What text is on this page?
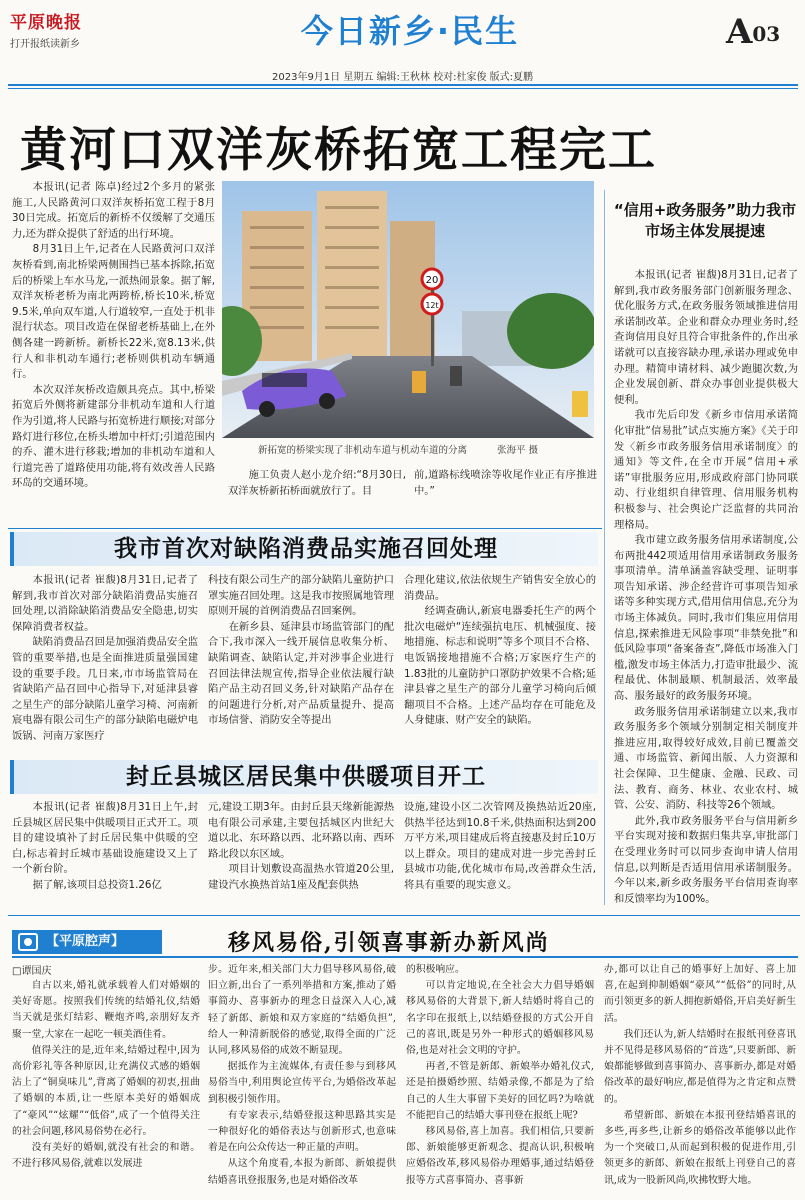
平原晚报
打开报纸读新乡	今日新乡·民生	A03
2023年9月1日 星期五 编辑:王秋林 校对:杜家俊 版式:夏鹏
黄河口双洋灰桥拓宽工程完工

本报讯(记者 陈卓)经过2个多月的紧张施工,人民路黄河口双洋灰桥拓宽工程于8月30日完成。拓宽后的新桥不仅缓解了交通压力,还为群众提供了舒适的出行环境。

8月31日上午,记者在人民路黄河口双洋灰桥看到,南北桥梁两侧围挡已基本拆除,拓宽后的桥梁上车水马龙,一派热闹景象。据了解,双洋灰桥老桥为南北两跨桥,桥长10米,桥宽9.5米,单向双车道,人行道较窄,一直处于机非混行状态。项目改造在保留老桥基础上,在外侧各建一跨新桥。新桥长22米,宽8.13米,供行人和非机动车通行;老桥则供机动车辆通行。

本次双洋灰桥改造颇具亮点。其中,桥梁拓宽后外侧将新建部分非机动车道和人行道作为引道,将人民路与拓宽桥进行顺接;对部分路灯进行移位,在桥头增加中杆灯;引道范围内的乔、灌木进行移栽;增加的非机动车道和人行道完善了道路使用功能,将有效改善人民路环岛的交通环境。

20
12t
新拓宽的桥梁实现了非机动车道与机动车道的分离	张海平 摄

施工负责人赵小龙介绍:“8月30日,双洋灰桥新拓桥面就放行了。目

前,道路标线喷涂等收尾作业正有序推进中。”

“信用+政务服务”助力我市市场主体发展提速

本报讯(记者 崔馥)8月31日,记者了解到,我市政务服务部门创新服务理念、优化服务方式,在政务服务领域推进信用承诺制改革。企业和群众办理业务时,经查询信用良好且符合审批条件的,作出承诺就可以直接容缺办理,承诺办理或免申办理。精简申请材料、减少跑腿次数,为企业发展创新、群众办事创业提供极大便利。

我市先后印发《新乡市信用承诺简化审批“信易批”试点实施方案》《关于印发〈新乡市政务服务信用承诺制度〉的通知》等文件,在全市开展“信用+承诺”审批服务应用,形成政府部门协同联动、行业组织自律管理、信用服务机构积极参与、社会舆论广泛监督的共同治理格局。

我市建立政务服务信用承诺制度,公布两批442项适用信用承诺制政务服务事项清单。清单涵盖容缺受理、证明事项告知承诺、涉企经营许可事项告知承诺等多种实现方式,借用信用信息,充分为市场主体减负。同时,我市们集应用信用信息,探索推进无风险事项“非禁免批”和低风险事项“备案备查”,降低市场准入门槛,激发市场主体活力,打造审批最少、流程最优、体制最顺、机制最活、效率最高、服务最好的政务服务环境。

政务服务信用承诺制建立以来,我市政务服务多个领域分别制定相关制度并推进应用,取得较好成效,目前已覆盖交通、市场监管、新闻出版、人力资源和社会保障、卫生健康、金融、民政、司法、教育、商务、林业、农业农村、城管、公安、消防、科技等26个领域。

此外,我市政务服务平台与信用新乡平台实现对接和数据归集共享,审批部门在受理业务时可以同步查询申请人信用信息,以判断是否适用信用承诺制服务。今年以来,新乡政务服务平台信用查询率和反馈率均为100%。

我市首次对缺陷消费品实施召回处理

本报讯(记者 崔馥)8月31日,记者了解到,我市首次对部分缺陷消费品实施召回处理,以消除缺陷消费品安全隐患,切实保障消费者权益。

缺陷消费品召回是加强消费品安全监管的重要举措,也是全面推进质量强国建设的重要手段。几日来,市市场监管局在省缺陷产品召回中心指导下,对延津县睿之星生产的部分缺陷儿童学习椅、河南新宸电器有限公司生产的部分缺陷电磁炉电饭锅、河南万家医疗

科技有限公司生产的部分缺陷儿童防护口罩实施召回处理。这是我市按照属地管理原则开展的首例消费品召回案例。

在新乡县、延津县市场监管部门的配合下,我市深入一线开展信息收集分析、缺陷调查、缺陷认定,并对涉事企业进行召回法律法规宣传,指导企业依法履行缺陷产品主动召回义务,针对缺陷产品存在的问题进行分析,对产品质量提升、提高市场信誉、消防安全等提出

合理化建议,依法依规生产销售安全放心的消费品。

经调查确认,新宸电器委托生产的两个批次电磁炉“连续强抗电压、机械强度、接地措施、标志和说明”等多个项目不合格、电饭锅接地措施不合格;万家医疗生产的1.83批的儿童防护口罩防护效果不合格;延津县睿之星生产的部分儿童学习椅向后倾翻项目不合格。上述产品均存在可能危及人身健康、财产安全的缺陷。

封丘县城区居民集中供暖项目开工

本报讯(记者 崔馥)8月31日上午,封丘县城区居民集中供暖项目正式开工。项目的建设填补了封丘居民集中供暖的空白,标志着封丘城市基础设施建设又上了一个新台阶。

据了解,该项目总投资1.26亿

元,建设工期3年。由封丘县天缘新能源热电有限公司承建,主要包括城区内世纪大道以北、东环路以西、北环路以南、西环路北段以东区域。

项目计划敷设高温热水管道20公里,建设汽水换热首站1座及配套供热

设施,建设小区二次管网及换热站近20座,供热半径达到10.8千米,供热面积达到200万平方米,项目建成后将直接惠及封丘10万以上群众。项目的建成对进一步完善封丘县城市功能,优化城市布局,改善群众生活,将具有重要的现实意义。

【平原腔声】	移风易俗,引领喜事新办新风尚
□谭国庆

自古以来,婚礼就承载着人们对婚姻的美好寄愿。按照我们传统的结婚礼仪,结婚当天就是张灯结彩、鞭炮齐鸣,亲朋好友齐聚一堂,大家在一起吃一顿美酒佳肴。

值得关注的是,近年来,结婚过程中,因为高价彩礼等各种原因,让充满仪式感的婚姻沾上了“铜臭味儿”,背离了婚姻的初衷,扭曲了婚姻的本质,让一些原本美好的婚姻成了“豪风”“炫耀”“低俗”,成了一个值得关注的社会问题,移风易俗势在必行。

没有美好的婚姻,就没有社会的和谐。不进行移风易俗,就难以发展进

步。近年来,相关部门大力倡导移风易俗,破旧立新,出台了一系列举措和方案,推动了婚事简办、喜事新办的理念日益深入人心,减轻了新郎、新娘和双方家庭的“结婚负担”,给人一种清新脱俗的感觉,取得全面的广泛认同,移风易俗的成效不断显现。

据抵作为主流媒体,有责任参与到移风易俗当中,利用舆论宣传平台,为婚俗改革起到积极引领作用。

有专家表示,结婚登报这种思路其实是一种很好化的婚俗表达与创新形式,也意味着是在向公众传达一种正量的声明。

从这个角度看,本报为新郎、新娘提供结婚喜讯登报服务,也是对婚俗改革

的积极响应。

可以肯定地说,在全社会大力倡导婚姻移风易俗的大背景下,新人结婚时将自己的名字印在报纸上,以结婚登报的方式公开自己的喜讯,既是另外一种形式的婚姻移风易俗,也是对社会文明的守护。

再者,不管是新郎、新娘举办婚礼仪式,还是拍摄婚纱照、结婚录像,不都是为了给自己的人生大事留下美好的回忆吗?为啥就不能把自己的结婚大事刊登在报纸上呢?

移风易俗,喜上加喜。我们相信,只要新郎、新娘能够更新观念、提高认识,积极响应婚俗改革,移风易俗办理婚事,通过结婚登报等方式喜事简办、喜事新

办,都可以让自己的婚事好上加好、喜上加喜,在起到抑制婚姻“豪风”“低俗”的同时,从而引领更多的新人拥抱新婚俗,开启美好新生活。

我们还认为,新人结婚时在报纸刊登喜讯并不见得是移风易俗的“首选”,只要新郎、新娘都能够做到喜事简办、喜事新办,都是对婚俗改革的最好响应,都是值得为之肯定和点赞的。

希望新郎、新娘在本报刊登结婚喜讯的多些,再多些,让新乡的婚俗改革能够以此作为一个突破口,从而起到积极的促进作用,引领更多的新郎、新娘在报纸上刊登自己的喜讯,成为一股新风尚,吹拂牧野大地。
